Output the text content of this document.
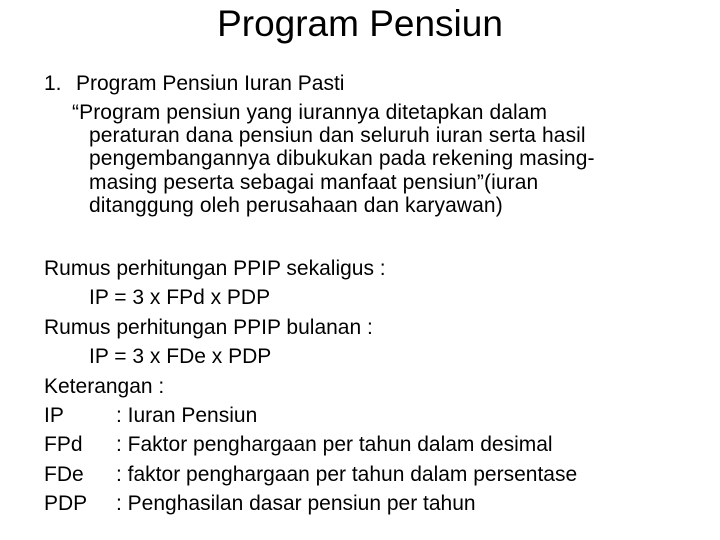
Program Pensiun
1. Program Pensiun Iuran Pasti
“Program pensiun yang iurannya ditetapkan dalam
peraturan dana pensiun dan seluruh iuran serta hasil
pengembangannya dibukukan pada rekening masing-
masing peserta sebagai manfaat pensiun”(iuran
ditanggung oleh perusahaan dan karyawan)
Rumus perhitungan PPIP sekaligus :
IP = 3 x FPd x PDP
Rumus perhitungan PPIP bulanan :
IP = 3 x FDe x PDP
Keterangan :
IP : Iuran Pensiun
FPd : Faktor penghargaan per tahun dalam desimal
FDe : faktor penghargaan per tahun dalam persentase
PDP : Penghasilan dasar pensiun per tahun
